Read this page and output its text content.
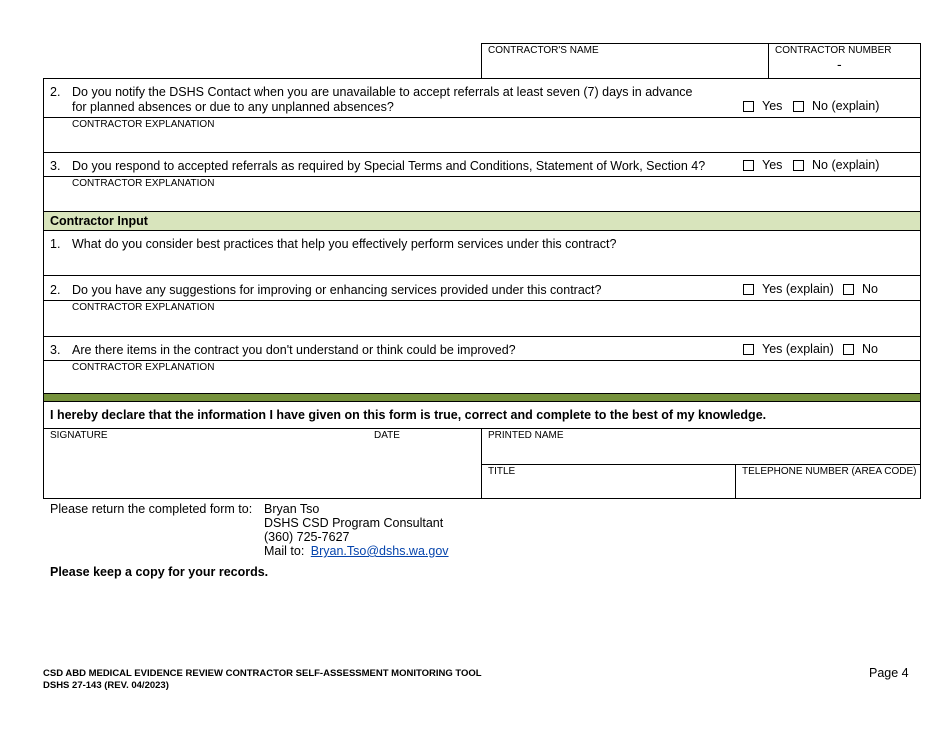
CONTRACTOR'S NAME	CONTRACTOR NUMBER
-
2. Do you notify the DSHS Contact when you are unavailable to accept referrals at least seven (7) days in advance for planned absences or due to any unplanned absences?	Yes No (explain)
CONTRACTOR EXPLANATION
3. Do you respond to accepted referrals as required by Special Terms and Conditions, Statement of Work, Section 4?	Yes No (explain)
CONTRACTOR EXPLANATION
Contractor Input
1. What do you consider best practices that help you effectively perform services under this contract?
2. Do you have any suggestions for improving or enhancing services provided under this contract?	Yes (explain) No
CONTRACTOR EXPLANATION
3. Are there items in the contract you don't understand or think could be improved?	Yes (explain) No
CONTRACTOR EXPLANATION
I hereby declare that the information I have given on this form is true, correct and complete to the best of my knowledge.
SIGNATURE	DATE	PRINTED NAME
TITLE	TELEPHONE NUMBER (AREA CODE)
Please return the completed form to: Bryan Tso
DSHS CSD Program Consultant
(360) 725-7627
Mail to: Bryan.Tso@dshs.wa.gov
Please keep a copy for your records.
CSD ABD MEDICAL EVIDENCE REVIEW CONTRACTOR SELF-ASSESSMENT MONITORING TOOL
DSHS 27-143 (REV. 04/2023)
Page 4
